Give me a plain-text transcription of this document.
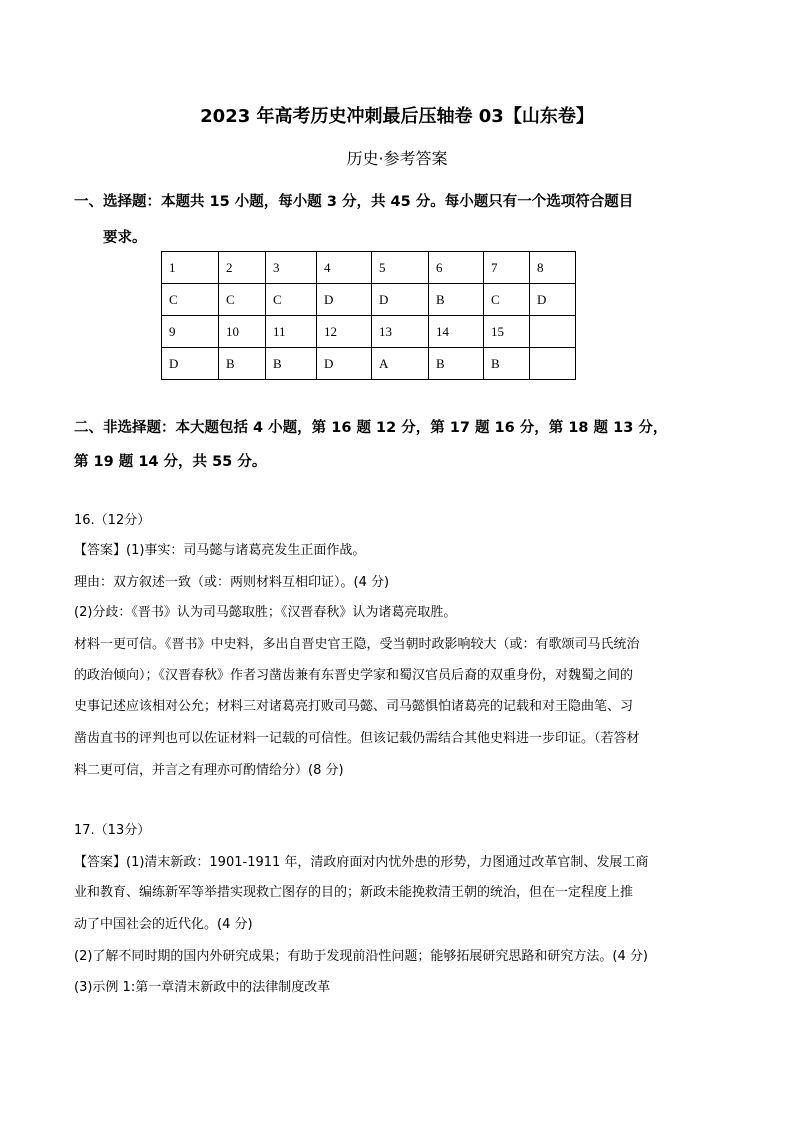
2023 年高考历史冲刺最后压轴卷 03【山东卷】
历史·参考答案
一、选择题：本题共 15 小题，每小题 3 分，共 45 分。每小题只有一个选项符合题目
要求。
1	2	3	4	5	6	7	8
C	C	C	D	D	B	C	D
9	10	11	12	13	14	15	
D	B	B	D	A	B	B	
二、非选择题：本大题包括 4 小题，第 16 题 12 分，第 17 题 16 分，第 18 题 13 分，
第 19 题 14 分，共 55 分。
16.（12分）
【答案】(1)事实：司马懿与诸葛亮发生正面作战。
理由：双方叙述一致（或：两则材料互相印证）。(4 分)
(2)分歧：《晋书》认为司马懿取胜；《汉晋春秋》认为诸葛亮取胜。
材料一更可信。《晋书》中史料，多出自晋史官王隐，受当朝时政影响较大（或：有歌颂司马氏统治
的政治倾向）；《汉晋春秋》作者习凿齿兼有东晋史学家和蜀汉官员后裔的双重身份，对魏蜀之间的
史事记述应该相对公允；材料三对诸葛亮打败司马懿、司马懿惧怕诸葛亮的记载和对王隐曲笔、习
凿齿直书的评判也可以佐证材料一记载的可信性。但该记载仍需结合其他史料进一步印证。（若答材
料二更可信，并言之有理亦可酌情给分）(8 分)
17.（13分）
【答案】(1)清末新政：1901-1911 年，清政府面对内忧外患的形势，力图通过改革官制、发展工商
业和教育、编练新军等举措实现救亡图存的目的；新政未能挽救清王朝的统治，但在一定程度上推
动了中国社会的近代化。(4 分)
(2)了解不同时期的国内外研究成果；有助于发现前沿性问题；能够拓展研究思路和研究方法。(4 分)
(3)示例 1:第一章清末新政中的法律制度改革
